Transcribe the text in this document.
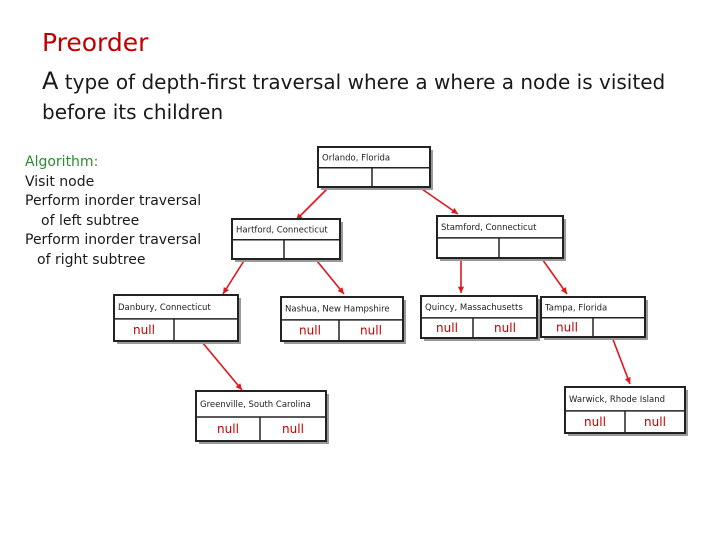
Preorder
A type of depth-first traversal where a where a node is visited before its children
Algorithm:
Visit node
Perform inorder traversal
of left subtree
Perform inorder traversal
of right subtree
Orlando, Florida
Hartford, Connecticut	Stamford, Connecticut
Danbury, Connecticut
null
Nashua, New Hampshire
null	null
Quincy, Massachusetts
null	null
Tampa, Florida
null
Greenville, South Carolina
null	null
Warwick, Rhode Island
null	null
